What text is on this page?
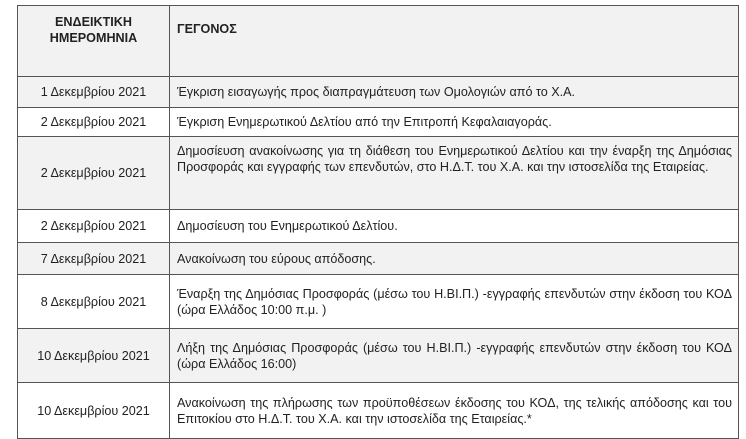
ΕΝΔΕΙΚΤΙΚΗ
ΗΜΕΡΟΜΗΝΙΑ	ΓΕΓΟΝΟΣ
1 Δεκεμβρίου 2021	Έγκριση εισαγωγής προς διαπραγμάτευση των Ομολογιών από το Χ.Α.
2 Δεκεμβρίου 2021	Έγκριση Ενημερωτικού Δελτίου από την Επιτροπή Κεφαλαιαγοράς.
2 Δεκεμβρίου 2021	Δημοσίευση ανακοίνωσης για τη διάθεση του Ενημερωτικού Δελτίου και την έναρξη της Δημόσιας Προσφοράς και εγγραφής των επενδυτών, στο Η.Δ.Τ. του Χ.Α. και την ιστοσελίδα της Εταιρείας.
2 Δεκεμβρίου 2021	Δημοσίευση του Ενημερωτικού Δελτίου.
7 Δεκεμβρίου 2021	Ανακοίνωση του εύρους απόδοσης.
8 Δεκεμβρίου 2021	Έναρξη της Δημόσιας Προσφοράς (μέσω του Η.ΒΙ.Π.) -εγγραφής επενδυτών στην έκδοση του ΚΟΔ (ώρα Ελλάδος 10:00 π.μ. )
10 Δεκεμβρίου 2021	Λήξη της Δημόσιας Προσφοράς (μέσω του Η.ΒΙ.Π.) -εγγραφής επενδυτών στην έκδοση του ΚΟΔ (ώρα Ελλάδος 16:00)
10 Δεκεμβρίου 2021	Ανακοίνωση της πλήρωσης των προϋποθέσεων έκδοσης του ΚΟΔ, της τελικής απόδοσης και του Επιτοκίου στο Η.Δ.Τ. του Χ.Α. και την ιστοσελίδα της Εταιρείας.*
